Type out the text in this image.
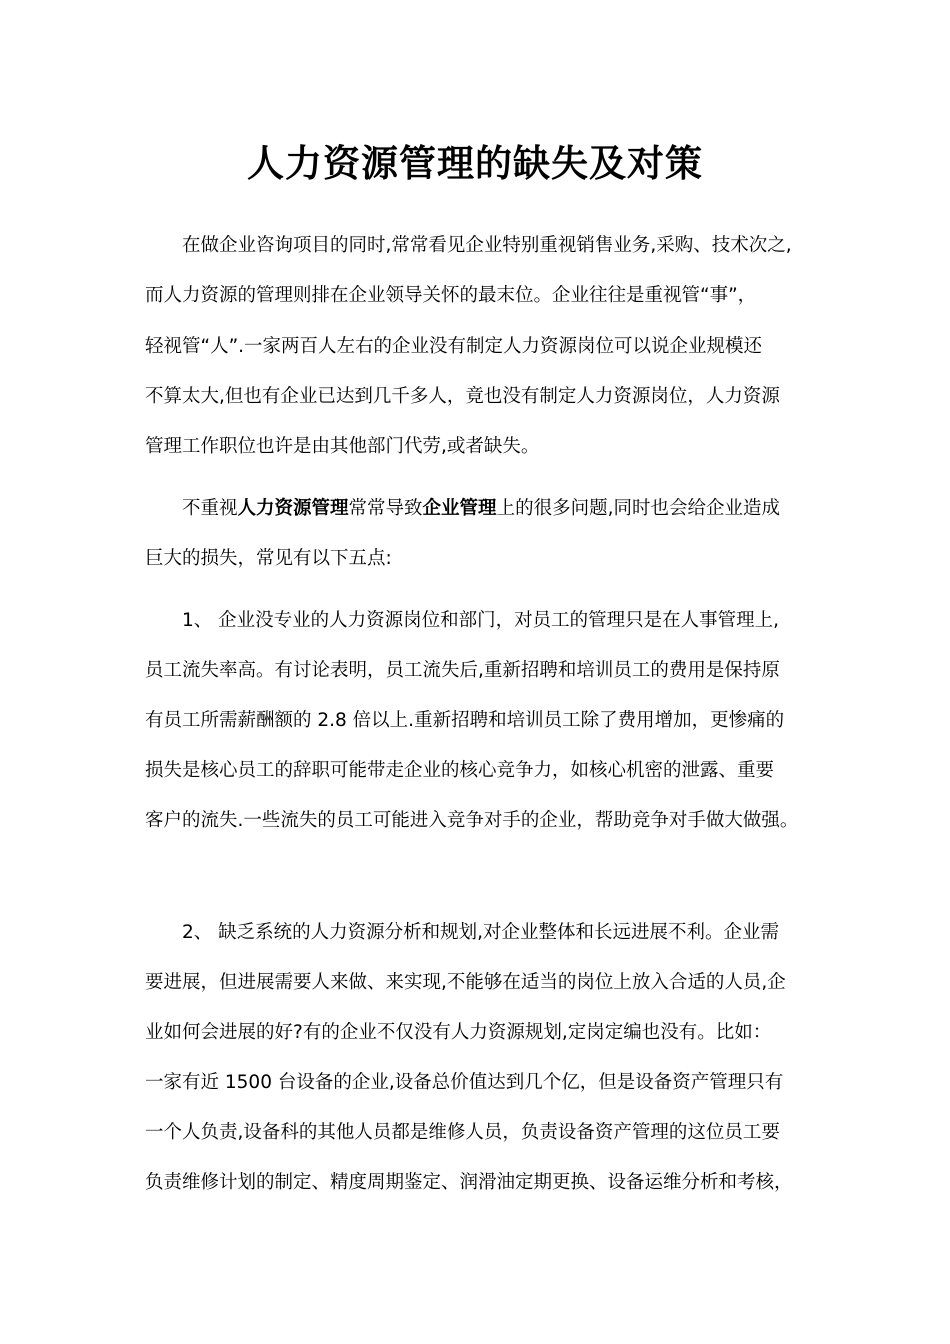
人力资源管理的缺失及对策

在做企业咨询项目的同时,常常看见企业特别重视销售业务,采购、技术次之,

而人力资源的管理则排在企业领导关怀的最末位。企业往往是重视管“事”，

轻视管“人”.一家两百人左右的企业没有制定人力资源岗位可以说企业规模还

不算太大,但也有企业已达到几千多人，竟也没有制定人力资源岗位，人力资源

管理工作职位也许是由其他部门代劳,或者缺失。

不重视人力资源管理常常导致企业管理上的很多问题,同时也会给企业造成

巨大的损失，常见有以下五点:

1、 企业没专业的人力资源岗位和部门，对员工的管理只是在人事管理上,

员工流失率高。有讨论表明，员工流失后,重新招聘和培训员工的费用是保持原

有员工所需薪酬额的 2.8 倍以上.重新招聘和培训员工除了费用增加，更惨痛的

损失是核心员工的辞职可能带走企业的核心竞争力，如核心机密的泄露、重要

客户的流失.一些流失的员工可能进入竞争对手的企业，帮助竞争对手做大做强。

2、 缺乏系统的人力资源分析和规划,对企业整体和长远进展不利。企业需

要进展，但进展需要人来做、来实现,不能够在适当的岗位上放入合适的人员,企

业如何会进展的好?有的企业不仅没有人力资源规划,定岗定编也没有。比如：

一家有近 1500 台设备的企业,设备总价值达到几个亿，但是设备资产管理只有

一个人负责,设备科的其他人员都是维修人员，负责设备资产管理的这位员工要

负责维修计划的制定、精度周期鉴定、润滑油定期更换、设备运维分析和考核，
